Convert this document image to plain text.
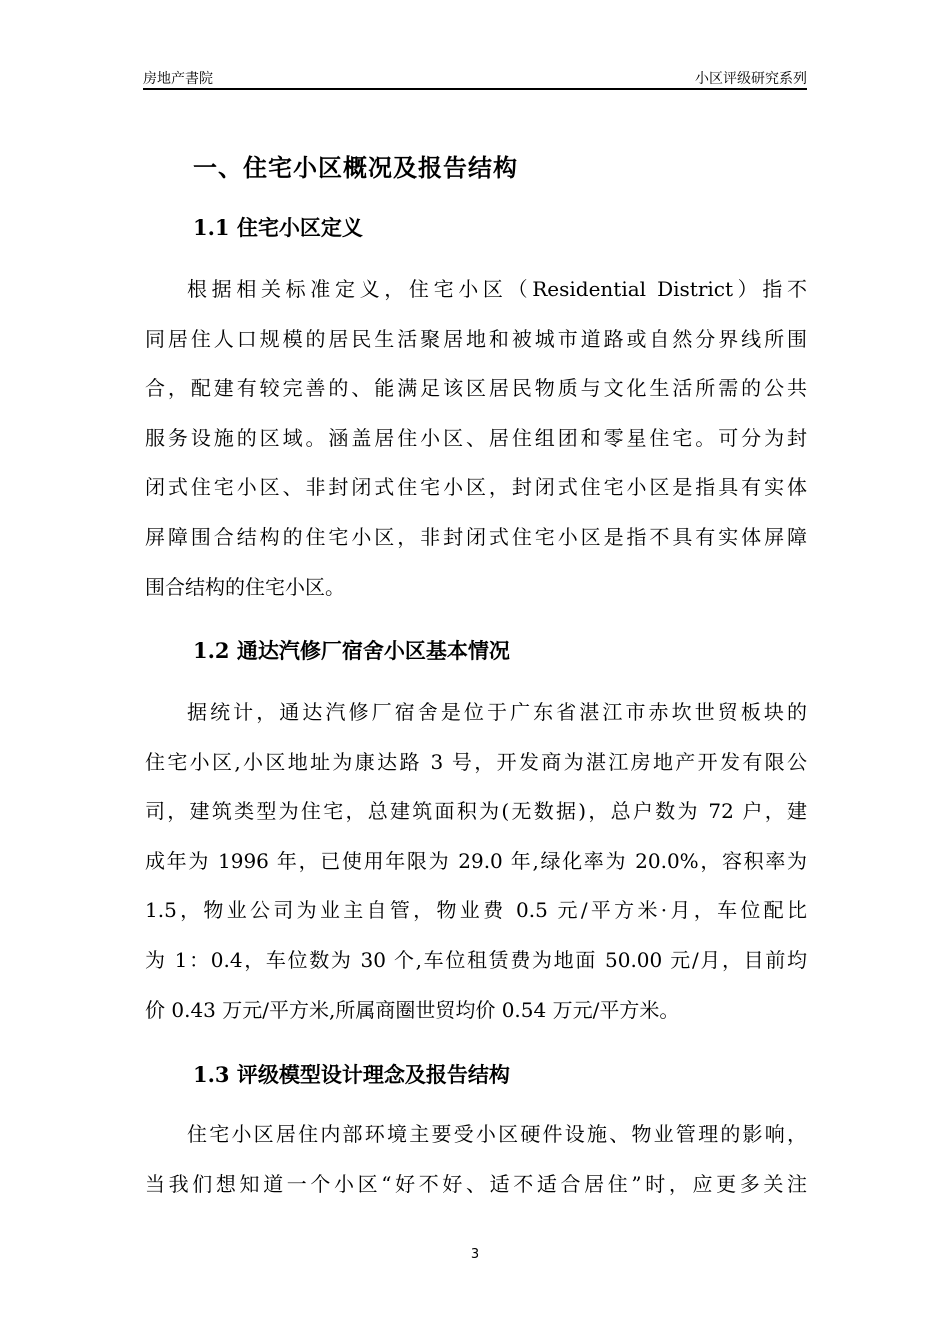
房地产書院	小区评级研究系列
一、住宅小区概况及报告结构
1.1 住宅小区定义
根据相关标准定义，住宅小区（Residential District）指不
同居住人口规模的居民生活聚居地和被城市道路或自然分界线所围
合，配建有较完善的、能满足该区居民物质与文化生活所需的公共
服务设施的区域。涵盖居住小区、居住组团和零星住宅。可分为封
闭式住宅小区、非封闭式住宅小区，封闭式住宅小区是指具有实体
屏障围合结构的住宅小区，非封闭式住宅小区是指不具有实体屏障
围合结构的住宅小区。
1.2 通达汽修厂宿舍小区基本情况
据统计，通达汽修厂宿舍是位于广东省湛江市赤坎世贸板块的
住宅小区,小区地址为康达路 3 号，开发商为湛江房地产开发有限公
司，建筑类型为住宅，总建筑面积为(无数据)，总户数为 72 户，建
成年为 1996 年，已使用年限为 29.0 年,绿化率为 20.0%，容积率为
1.5，物业公司为业主自管，物业费 0.5 元/平方米·月，车位配比
为 1：0.4，车位数为 30 个,车位租赁费为地面 50.00 元/月，目前均
价 0.43 万元/平方米,所属商圈世贸均价 0.54 万元/平方米。
1.3 评级模型设计理念及报告结构
住宅小区居住内部环境主要受小区硬件设施、物业管理的影响，
当我们想知道一个小区“好不好、适不适合居住”时，应更多关注
3
